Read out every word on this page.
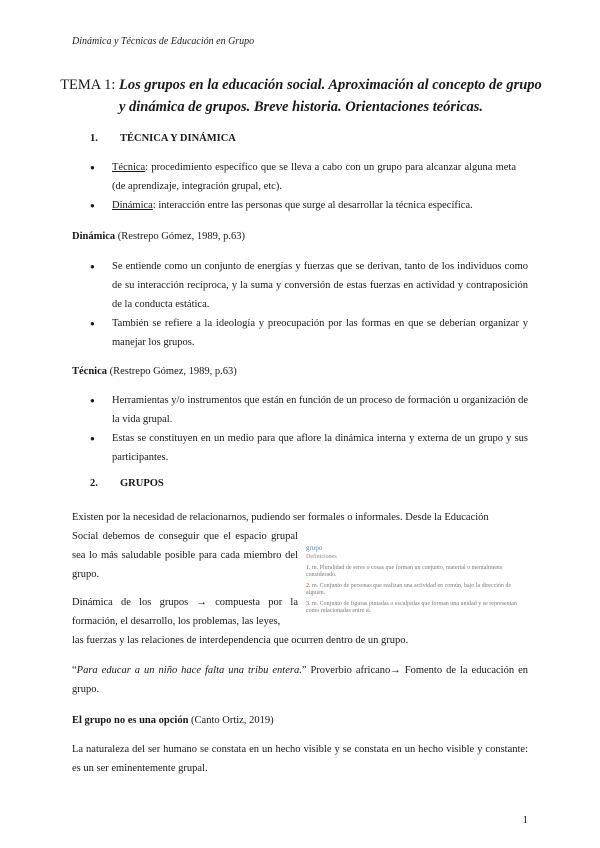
Dinámica y Técnicas de Educación en Grupo
TEMA 1: Los grupos en la educación social. Aproximación al concepto de grupo y dinámica de grupos. Breve historia. Orientaciones teóricas.
1. TÉCNICA Y DINÁMICA
● Técnica: procedimiento específico que se lleva a cabo con un grupo para alcanzar alguna meta (de aprendizaje, integración grupal, etc).
● Dinámica: interacción entre las personas que surge al desarrollar la técnica específica.
Dinámica (Restrepo Gómez, 1989, p.63)
● Se entiende como un conjunto de energías y fuerzas que se derivan, tanto de los individuos como de su interacción recíproca, y la suma y conversión de estas fuerzas en actividad y contraposición de la conducta estática.
● También se refiere a la ideología y preocupación por las formas en que se deberían organizar y manejar los grupos.
Técnica (Restrepo Gómez, 1989, p.63)
● Herramientas y/o instrumentos que están en función de un proceso de formación u organización de la vida grupal.
● Estas se constituyen en un medio para que aflore la dinámica interna y externa de un grupo y sus participantes.
2. GRUPOS
Existen por la necesidad de relacionarnos, pudiendo ser formales o informales. Desde la Educación
Social debemos de conseguir que el espacio grupal sea lo más saludable posible para cada miembro del grupo.
Dinámica de los grupos → compuesta por la formación, el desarrollo, los problemas, las leyes,
las fuerzas y las relaciones de interdependencia que ocurren dentro de un grupo.
grupo
Definiciones
1. m. Pluralidad de seres o cosas que forman un conjunto, material o mentalmente considerado.
2. m. Conjunto de personas que realizan una actividad en común, bajo la dirección de alguien.
3. m. Conjunto de figuras pintadas o esculpidas que forman una unidad y se representan como relacionadas entre sí.
“Para educar a un niño hace falta una tribu entera.” Proverbio africano→ Fomento de la educación en grupo.
El grupo no es una opción (Canto Ortiz, 2019)
La naturaleza del ser humano se constata en un hecho visible y se constata en un hecho visible y constante: es un ser eminentemente grupal.
1
